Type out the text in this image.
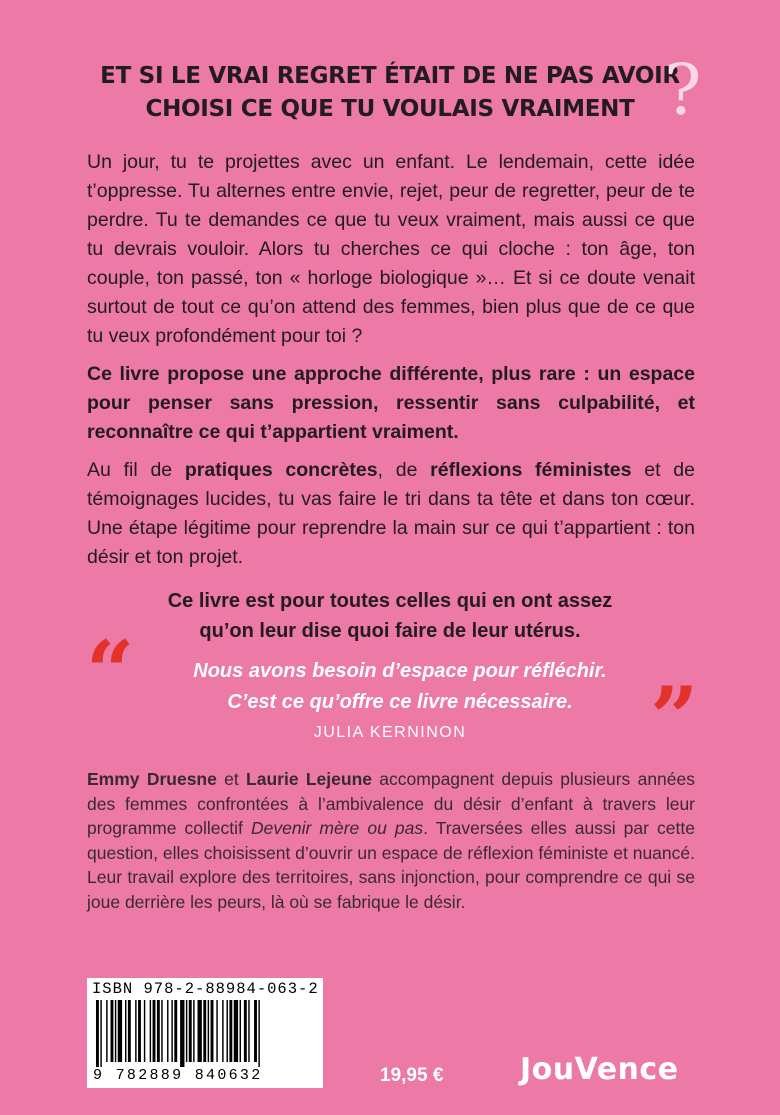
ET SI LE VRAI REGRET ÉTAIT DE NE PAS AVOIR
CHOISI CE QUE TU VOULAIS VRAIMENT ?

Un jour, tu te projettes avec un enfant. Le lendemain, cette idée t’oppresse. Tu alternes entre envie, rejet, peur de regretter, peur de te perdre. Tu te demandes ce que tu veux vraiment, mais aussi ce que tu devrais vouloir. Alors tu cherches ce qui cloche : ton âge, ton couple, ton passé, ton « horloge biologique »… Et si ce doute venait surtout de tout ce qu’on attend des femmes, bien plus que de ce que tu veux profondément pour toi ?

Ce livre propose une approche différente, plus rare : un espace pour penser sans pression, ressentir sans culpabilité, et reconnaître ce qui t’appartient vraiment.

Au fil de pratiques concrètes, de réflexions féministes et de témoignages lucides, tu vas faire le tri dans ta tête et dans ton cœur. Une étape légitime pour reprendre la main sur ce qui t’appartient : ton désir et ton projet.

Ce livre est pour toutes celles qui en ont assez
qu’on leur dise quoi faire de leur utérus.
“	Nous avons besoin d’espace pour réfléchir.
C’est ce qu’offre ce livre nécessaire. ”
JULIA KERNINON

Emmy Druesne et Laurie Lejeune accompagnent depuis plusieurs années des femmes confrontées à l’ambivalence du désir d’enfant à travers leur programme collectif Devenir mère ou pas. Traversées elles aussi par cette question, elles choisissent d’ouvrir un espace de réflexion féministe et nuancé. Leur travail explore des territoires, sans injonction, pour comprendre ce qui se joue derrière les peurs, là où se fabrique le désir.

ISBN 978-2-88984-063-2
9 782889 840632	19,95 €	JouVence
